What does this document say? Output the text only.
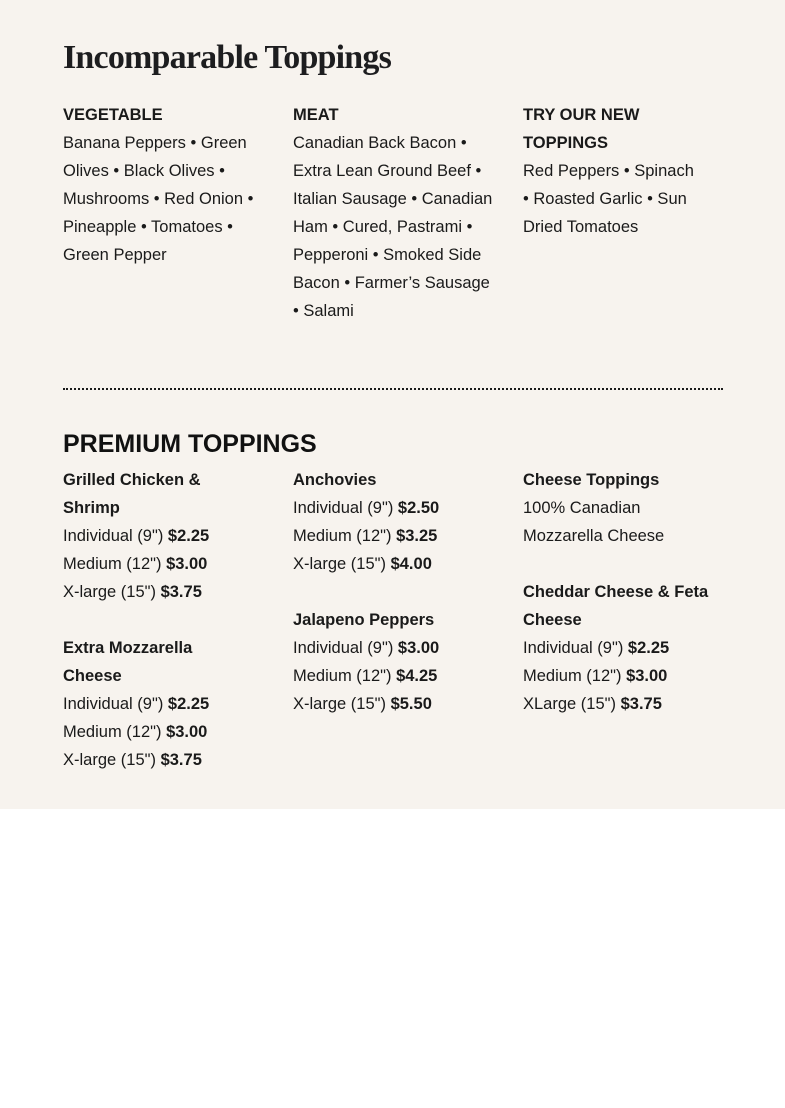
Incomparable Toppings
VEGETABLE
Banana Peppers • Green Olives • Black Olives • Mushrooms • Red Onion • Pineapple • Tomatoes • Green Pepper
MEAT
Canadian Back Bacon • Extra Lean Ground Beef • Italian Sausage • Canadian Ham • Cured, Pastrami • Pepperoni • Smoked Side Bacon • Farmer’s Sausage • Salami
TRY OUR NEW TOPPINGS
Red Peppers • Spinach • Roasted Garlic • Sun Dried Tomatoes
PREMIUM TOPPINGS
Grilled Chicken & Shrimp
Individual (9") $2.25
Medium (12") $3.00
X-large (15") $3.75
Extra Mozzarella Cheese
Individual (9") $2.25
Medium (12") $3.00
X-large (15") $3.75
Anchovies
Individual (9") $2.50
Medium (12") $3.25
X-large (15") $4.00
Jalapeno Peppers
Individual (9") $3.00
Medium (12") $4.25
X-large (15") $5.50
Cheese Toppings
100% Canadian Mozzarella Cheese
Cheddar Cheese & Feta Cheese
Individual (9") $2.25
Medium (12") $3.00
XLarge (15") $3.75
